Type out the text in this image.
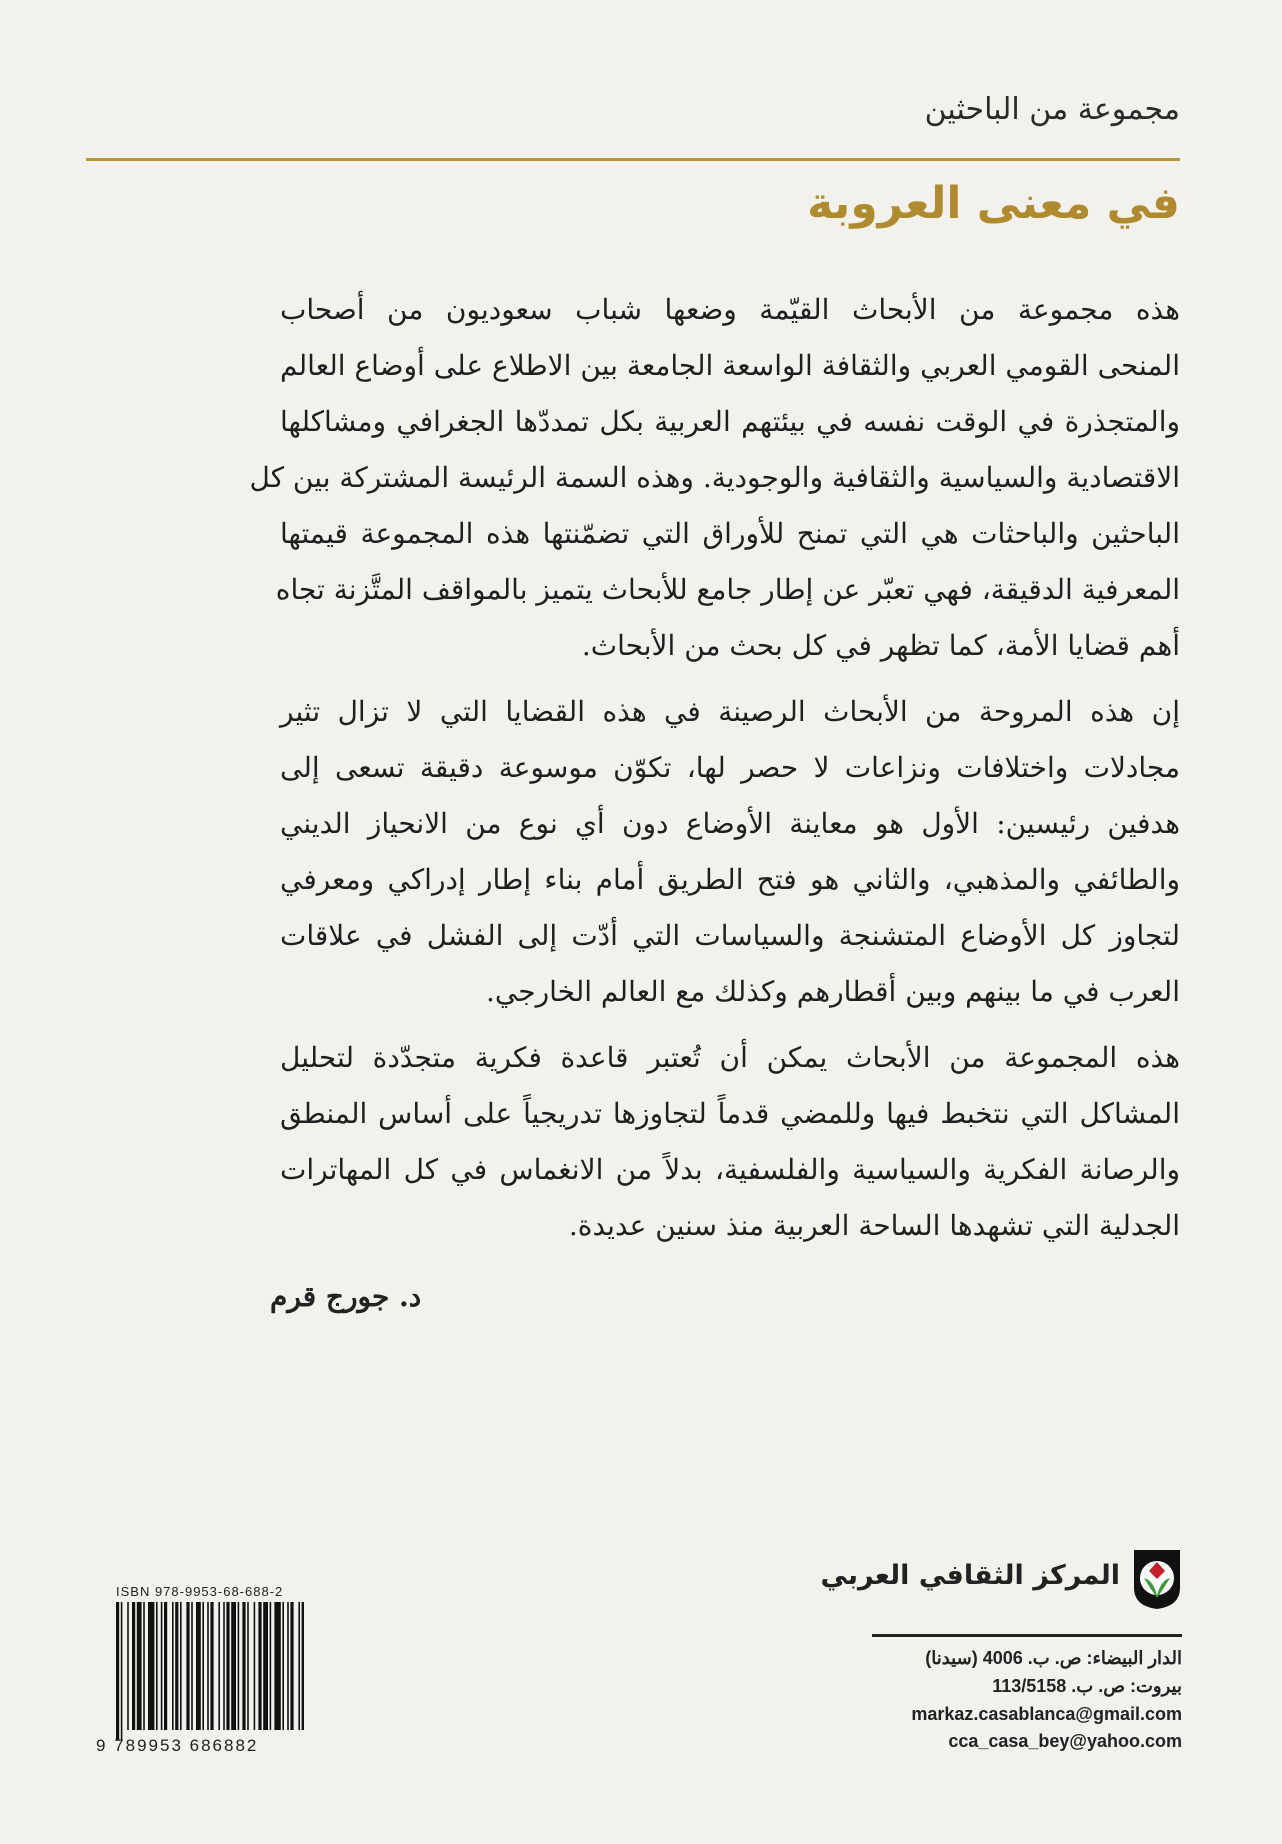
مجموعة من الباحثين
في معنى العروبة
هذه مجموعة من الأبحاث القيّمة وضعها شباب سعوديون من أصحاب
المنحى القومي العربي والثقافة الواسعة الجامعة بين الاطلاع على أوضاع العالم
والمتجذرة في الوقت نفسه في بيئتهم العربية بكل تمددّها الجغرافي ومشاكلها
الاقتصادية والسياسية والثقافية والوجودية. وهذه السمة الرئيسة المشتركة بين كل
الباحثين والباحثات هي التي تمنح للأوراق التي تضمّنتها هذه المجموعة قيمتها
المعرفية الدقيقة، فهي تعبّر عن إطار جامع للأبحاث يتميز بالمواقف المتَّزنة تجاه
أهم قضايا الأمة، كما تظهر في كل بحث من الأبحاث.
إن هذه المروحة من الأبحاث الرصينة في هذه القضايا التي لا تزال تثير
مجادلات واختلافات ونزاعات لا حصر لها، تكوّن موسوعة دقيقة تسعى إلى
هدفين رئيسين: الأول هو معاينة الأوضاع دون أي نوع من الانحياز الديني
والطائفي والمذهبي، والثاني هو فتح الطريق أمام بناء إطار إدراكي ومعرفي
لتجاوز كل الأوضاع المتشنجة والسياسات التي أدّت إلى الفشل في علاقات
العرب في ما بينهم وبين أقطارهم وكذلك مع العالم الخارجي.
هذه المجموعة من الأبحاث يمكن أن تُعتبر قاعدة فكرية متجدّدة لتحليل
المشاكل التي نتخبط فيها وللمضي قدماً لتجاوزها تدريجياً على أساس المنطق
والرصانة الفكرية والسياسية والفلسفية، بدلاً من الانغماس في كل المهاترات
الجدلية التي تشهدها الساحة العربية منذ سنين عديدة.
د. جورج قرم
المركز الثقافي العربي
الدار البيضاء: ص. ب. 4006 (سيدنا)
بيروت: ص. ب. 113/5158
markaz.casablanca@gmail.com
cca_casa_bey@yahoo.com
ISBN 978-9953-68-688-2
9 789953 686882
